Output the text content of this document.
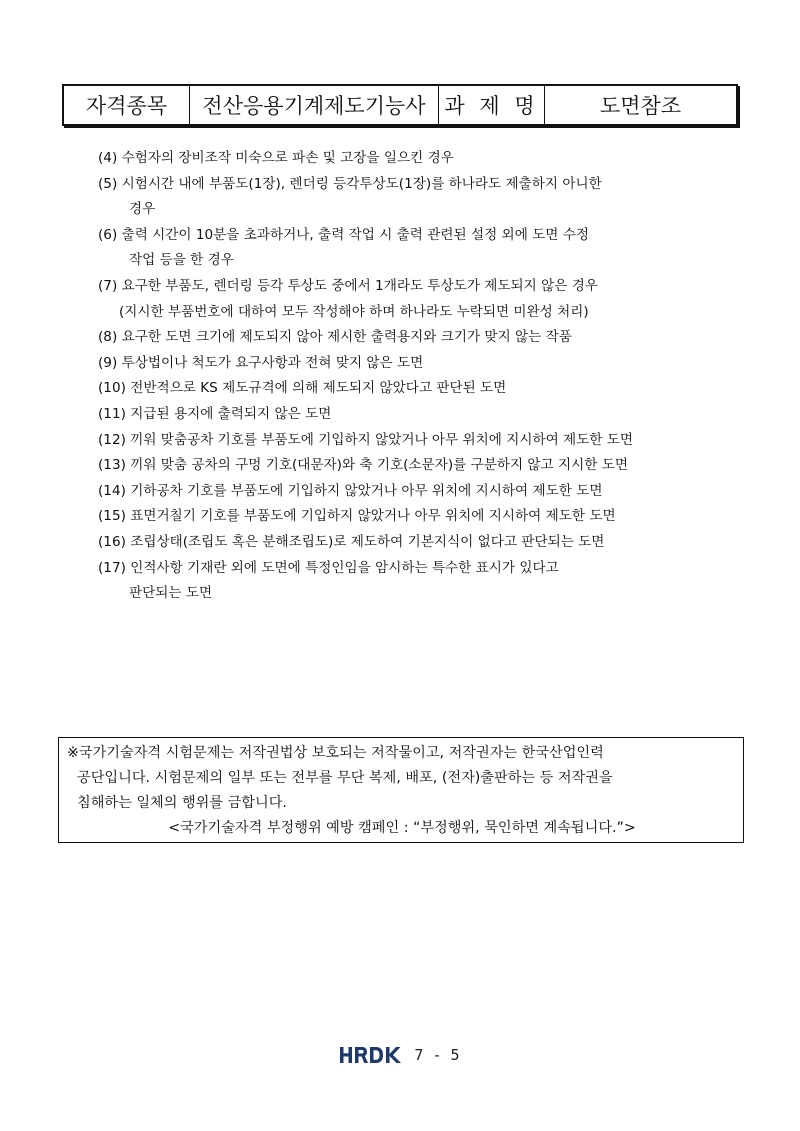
자격종목	전산응용기계제도기능사 과 제 명	도면참조
(4) 수험자의 장비조작 미숙으로 파손 및 고장을 일으킨 경우
(5) 시험시간 내에 부품도(1장), 렌더링 등각투상도(1장)를 하나라도 제출하지 아니한
경우
(6) 출력 시간이 10분을 초과하거나, 출력 작업 시 출력 관련된 설정 외에 도면 수정
작업 등을 한 경우
(7) 요구한 부품도, 렌더링 등각 투상도 중에서 1개라도 투상도가 제도되지 않은 경우
(지시한 부품번호에 대하여 모두 작성해야 하며 하나라도 누락되면 미완성 처리)
(8) 요구한 도면 크기에 제도되지 않아 제시한 출력용지와 크기가 맞지 않는 작품
(9) 투상법이나 척도가 요구사항과 전혀 맞지 않은 도면
(10) 전반적으로 KS 제도규격에 의해 제도되지 않았다고 판단된 도면
(11) 지급된 용지에 출력되지 않은 도면
(12) 끼워 맞춤공차 기호를 부품도에 기입하지 않았거나 아무 위치에 지시하여 제도한 도면
(13) 끼워 맞춤 공차의 구멍 기호(대문자)와 축 기호(소문자)를 구분하지 않고 지시한 도면
(14) 기하공차 기호를 부품도에 기입하지 않았거나 아무 위치에 지시하여 제도한 도면
(15) 표면거칠기 기호를 부품도에 기입하지 않았거나 아무 위치에 지시하여 제도한 도면
(16) 조립상태(조립도 혹은 분해조립도)로 제도하여 기본지식이 없다고 판단되는 도면
(17) 인적사항 기재란 외에 도면에 특정인임을 암시하는 특수한 표시가 있다고
판단되는 도면
※국가기술자격 시험문제는 저작권법상 보호되는 저작물이고, 저작권자는 한국산업인력
공단입니다. 시험문제의 일부 또는 전부를 무단 복제, 배포, (전자)출판하는 등 저작권을
침해하는 일체의 행위를 금합니다.
<국가기술자격 부정행위 예방 캠페인 : “부정행위, 묵인하면 계속됩니다.”>
7 - 5
